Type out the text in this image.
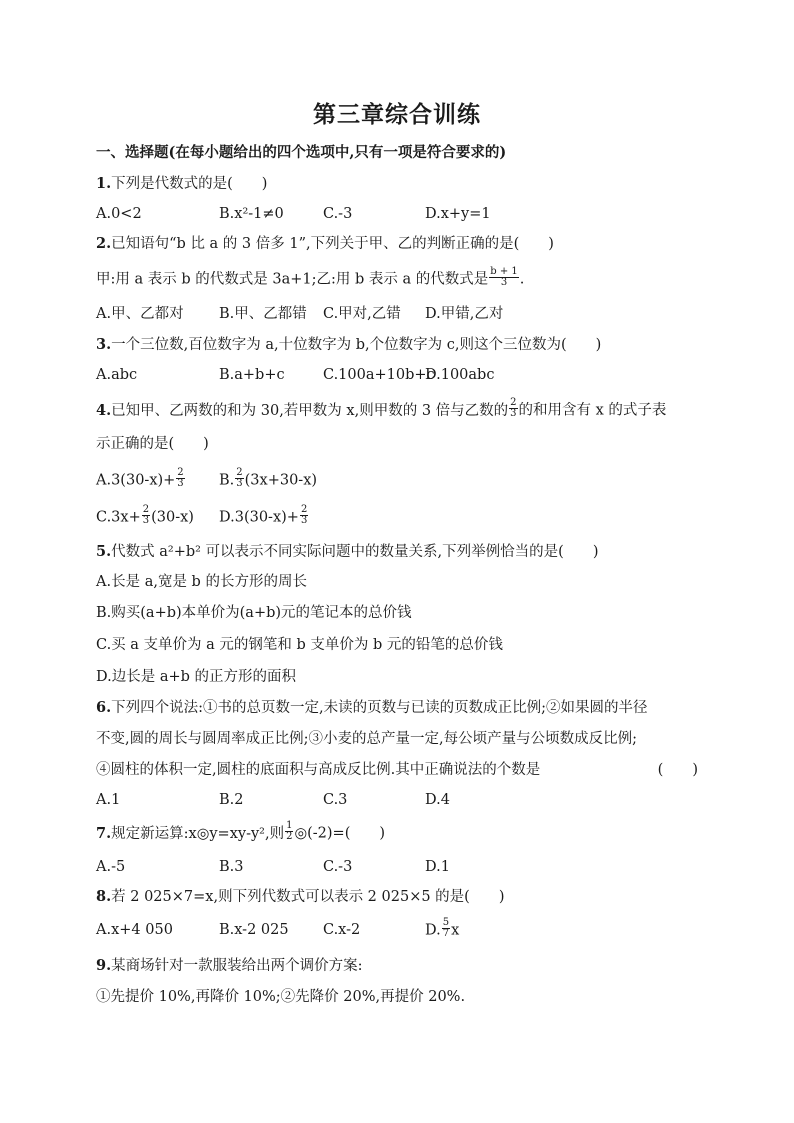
第三章综合训练
一、选择题(在每小题给出的四个选项中,只有一项是符合要求的)
1.下列是代数式的是(　　)
A.0<2	B.x²-1≠0	C.-3	D.x+y=1
2.已知语句“b 比 a 的 3 倍多 1”,下列关于甲、乙的判断正确的是(　　)
甲:用 a 表示 b 的代数式是 3a+1;乙:用 b 表示 a 的代数式是 $\frac{b + 1}{3}$ .
A.甲、乙都对 B.甲、乙都错 C.甲对,乙错 D.甲错,乙对
3.一个三位数,百位数字为 a,十位数字为 b,个位数字为 c,则这个三位数为(　　)
A.abc	B.a+b+c	C.100a+10b+c
D.100abc
4.已知甲、乙两数的和为 30,若甲数为 x,则甲数的 3 倍与乙数的 $\frac{2}{3}$ 的和用含有 x 的式子表
示正确的是(　　)
$A.3(30-x)+ \frac{2}{3} B$. $\frac{2}{3} (3x+30-x)$
$C.3x+ \frac{2}{3} (30-x)$ $D.3(30-x)+ \frac{2}{3}$
5.代数式 a²+b² 可以表示不同实际问题中的数量关系,下列举例恰当的是(　　)
A.长是 a,宽是 b 的长方形的周长
B.购买(a+b)本单价为(a+b)元的笔记本的总价钱
C.买 a 支单价为 a 元的钢笔和 b 支单价为 b 元的铅笔的总价钱
D.边长是 a+b 的正方形的面积
6.下列四个说法:①书的总页数一定,未读的页数与已读的页数成正比例;②如果圆的半径
不变,圆的周长与圆周率成正比例;③小麦的总产量一定,每公顷产量与公顷数成反比例;
④圆柱的体积一定,圆柱的底面积与高成反比例.其中正确说法的个数是	(　　)
A.1	B.2	C.3	D.4
7.规定新运算:x◎y=xy-y²,则 $\frac{1}{2}$ ◎(-2)=(　　)
A.-5	B.3	C.-3	D.1
8.若 2 025×7=x,则下列代数式可以表示 2 025×5 的是(　　)
A.x+4 050	B.x-2 025 C.x-2	D. $\frac{5}{7}$ x
9.某商场针对一款服装给出两个调价方案:
①先提价 10%,再降价 10%;②先降价 20%,再提价 20%.
